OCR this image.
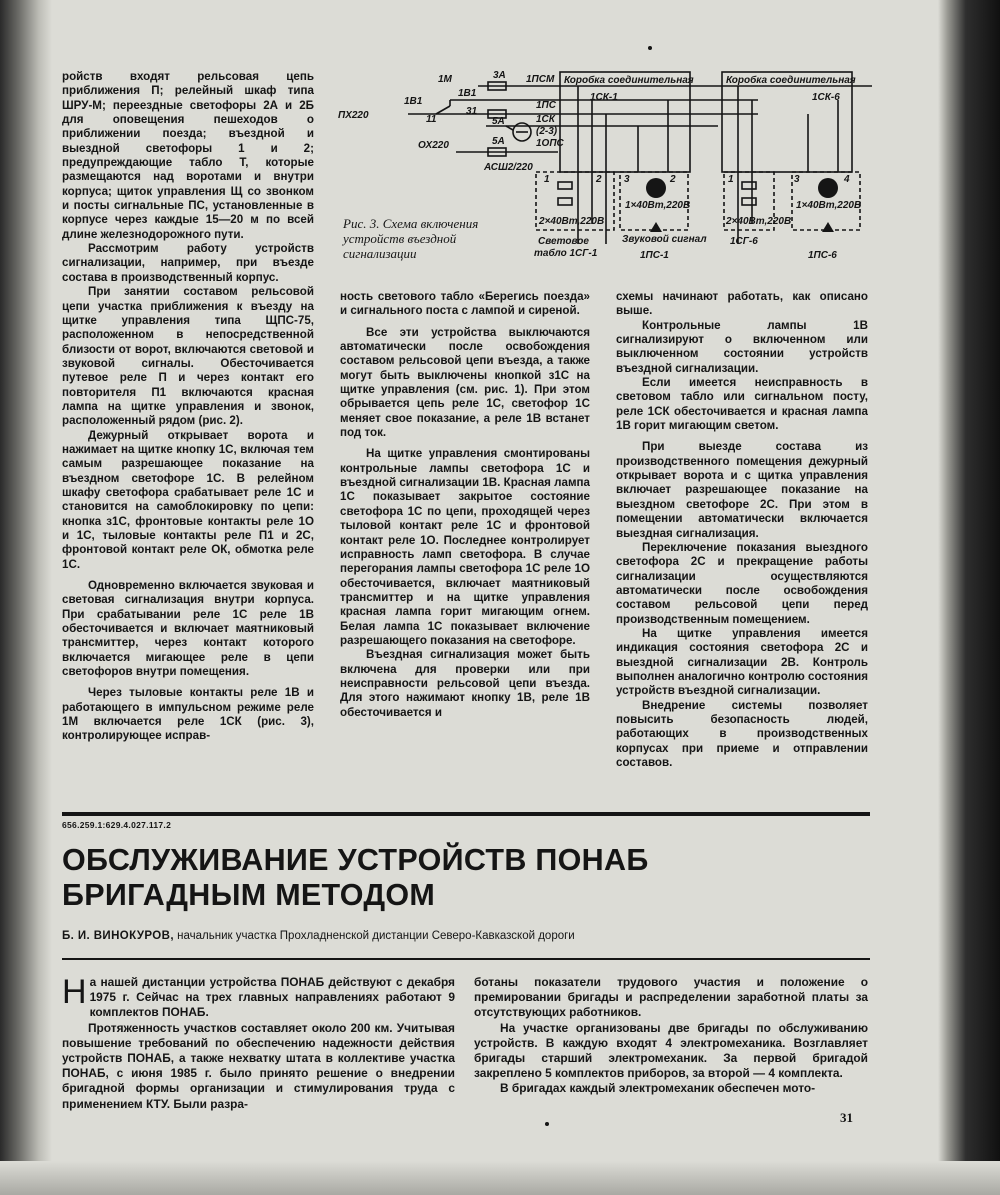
ройств входят рельсовая цепь приближения П; релейный шкаф типа ШРУ-М; переездные светофоры 2А и 2Б для оповещения пешеходов о приближении поезда; въездной и выездной светофоры 1 и 2; предупреждающие табло Т, которые размещаются над воротами и внутри корпуса; щиток управления Щ со звонком и посты сигнальные ПС, установленные в корпусе через каждые 15—20 м по всей длине железнодорожного пути.

Рассмотрим работу устройств сигнализации, например, при въезде состава в производственный корпус.

При занятии составом рельсовой цепи участка приближения к въезду на щитке управления типа ЩПС-75, расположенном в непосредственной близости от ворот, включаются световой и звуковой сигналы. Обесточивается путевое реле П и через контакт его повторителя П1 включаются красная лампа на щитке управления и звонок, расположенный рядом (рис. 2).

Дежурный открывает ворота и нажимает на щитке кнопку 1С, включая тем самым разрешающее показание на въездном светофоре 1С. В релейном шкафу светофора срабатывает реле 1С и становится на самоблокировку по цепи: кнопка з1С, фронтовые контакты реле 1О и 1С, тыловые контакты реле П1 и 2С, фронтовой контакт реле ОК, обмотка реле 1С.

Одновременно включается звуковая и световая сигнализация внутри корпуса. При срабатывании реле 1С реле 1В обесточивается и включает маятниковый трансмиттер, через контакт которого включается мигающее реле в цепи светофоров внутри помещения.

Через тыловые контакты реле 1В и работающего в импульсном режиме реле 1М включается реле 1СК (рис. 3), контролирующее исправ-

1М	3А 1ПСМ Коробка соединительная	Коробка соединительная
1В1
1В1
11
1ПС
1СК-1	1СК-6
ПХ220
5А
31
1СК
(2-3)
1ОПС
ОХ220	5А
АСШ2/220
2×40Вт,220В
1×40Вт,220В
2×40Вт,220В
1×40Вт,220В
Световое
табло 1СГ-1
Звуковой сигнал
1ПС-1
1СГ-6
1ПС-6
1	2 3	3
1
2	4
Рис. 3. Схема включения устройств въездной сигнализации

ность светового табло «Берегись поезда» и сигнального поста с лампой и сиреной.

Все эти устройства выключаются автоматически после освобождения составом рельсовой цепи въезда, а также могут быть выключены кнопкой з1С на щитке управления (см. рис. 1). При этом обрывается цепь реле 1С, светофор 1С меняет свое показание, а реле 1В встанет под ток.

На щитке управления смонтированы контрольные лампы светофора 1С и въездной сигнализации 1В. Красная лампа 1С показывает закрытое состояние светофора 1С по цепи, проходящей через тыловой контакт реле 1С и фронтовой контакт реле 1О. Последнее контролирует исправность ламп светофора. В случае перегорания лампы светофора 1С реле 1О обесточивается, включает маятниковый трансмиттер и на щитке управления красная лампа горит мигающим огнем. Белая лампа 1С показывает включение разрешающего показания на светофоре.

Въездная сигнализация может быть включена для проверки или при неисправности рельсовой цепи въезда. Для этого нажимают кнопку 1В, реле 1В обесточивается и

схемы начинают работать, как описано выше.

Контрольные лампы 1В сигнализируют о включенном или выключенном состоянии устройств въездной сигнализации.

Если имеется неисправность в световом табло или сигнальном посту, реле 1СК обесточивается и красная лампа 1В горит мигающим светом.

При выезде состава из производственного помещения дежурный открывает ворота и с щитка управления включает разрешающее показание на выездном светофоре 2С. При этом в помещении автоматически включается выездная сигнализация.

Переключение показания выездного светофора 2С и прекращение работы сигнализации осуществляются автоматически после освобождения составом рельсовой цепи перед производственным помещением.

На щитке управления имеется индикация состояния светофора 2С и выездной сигнализации 2В. Контроль выполнен аналогично контролю состояния устройств въездной сигнализации.

Внедрение системы позволяет повысить безопасность людей, работающих в производственных корпусах при приеме и отправлении составов.

656.259.1:629.4.027.117.2
ОБСЛУЖИВАНИЕ УСТРОЙСТВ ПОНАБ
БРИГАДНЫМ МЕТОДОМ
Б. И. ВИНОКУРОВ, начальник участка Прохладненской дистанции Северо-Кавказской дороги

На нашей дистанции устройства ПОНАБ действуют с декабря 1975 г. Сейчас на трех главных направлениях работают 9 комплектов ПОНАБ.

Протяженность участков составляет около 200 км. Учитывая повышение требований по обеспечению надежности действия устройств ПОНАБ, а также нехватку штата в коллективе участка ПОНАБ, с июня 1985 г. было принято решение о внедрении бригадной формы организации и стимулирования труда с применением КТУ. Были разра-

ботаны показатели трудового участия и положение о премировании бригады и распределении заработной платы за отсутствующих работников.

На участке организованы две бригады по обслуживанию устройств. В каждую входят 4 электромеханика. Возглавляет бригады старший электромеханик. За первой бригадой закреплено 5 комплектов приборов, за второй — 4 комплекта.

В бригадах каждый электромеханик обеспечен мото-

31
